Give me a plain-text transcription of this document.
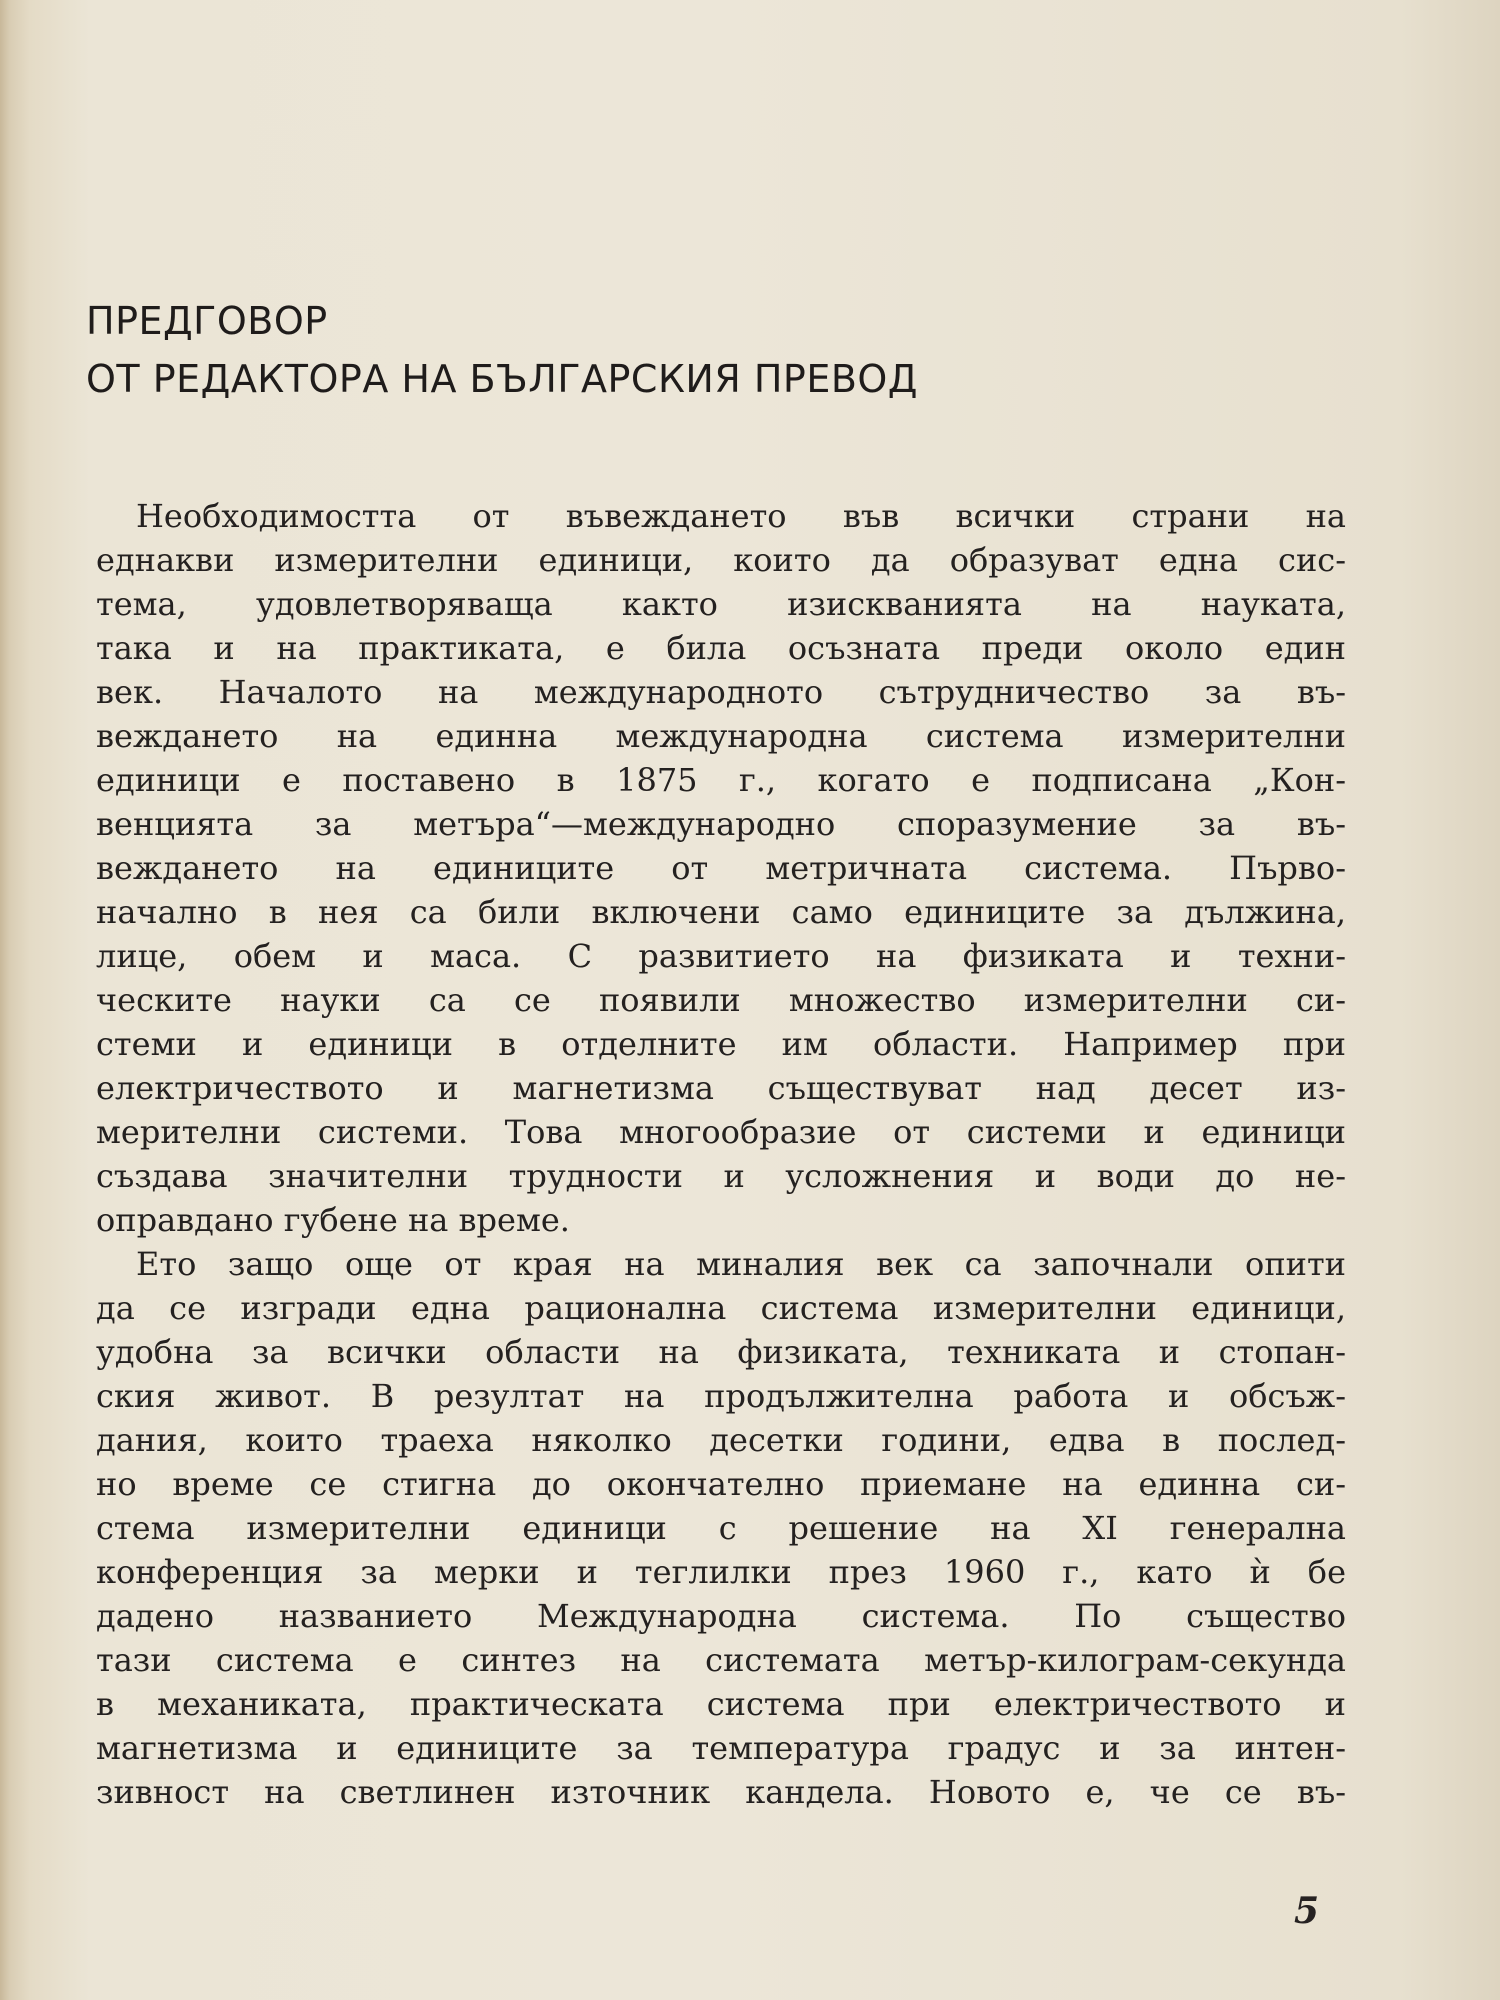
ПРЕДГОВОР
ОТ РЕДАКТОРА НА БЪЛГАРСКИЯ ПРЕВОД
Необходимостта от въвеждането във всички страни на
еднакви измерителни единици, които да образуват една сис-
тема, удовлетворяваща както изискванията на науката,
така и на практиката, е била осъзната преди около един
век. Началото на международното сътрудничество за въ-
веждането на единна международна система измерителни
единици е поставено в 1875 г., когато е подписана „Кон-
венцията за метъра“—международно споразумение за въ-
веждането на единиците от метричната система. Първо-
начално в нея са били включени само единиците за дължина,
лице, обем и маса. С развитието на физиката и техни-
ческите науки са се появили множество измерителни си-
стеми и единици в отделните им области. Например при
електричеството и магнетизма съществуват над десет из-
мерителни системи. Това многообразие от системи и единици
създава значителни трудности и усложнения и води до не-
оправдано губене на време.
Ето защо още от края на миналия век са започнали опити
да се изгради една рационална система измерителни единици,
удобна за всички области на физиката, техниката и стопан-
ския живот. В резултат на продължителна работа и обсъж-
дания, които траеха няколко десетки години, едва в послед-
но време се стигна до окончателно приемане на единна си-
стема измерителни единици с решение на XI генерална
конференция за мерки и теглилки през 1960 г., като ѝ бе
дадено названието Международна система. По същество
тази система е синтез на системата метър-килограм-секунда
в механиката, практическата система при електричеството и
магнетизма и единиците за температура градус и за интен-
зивност на светлинен източник кандела. Новото е, че се въ-
5
